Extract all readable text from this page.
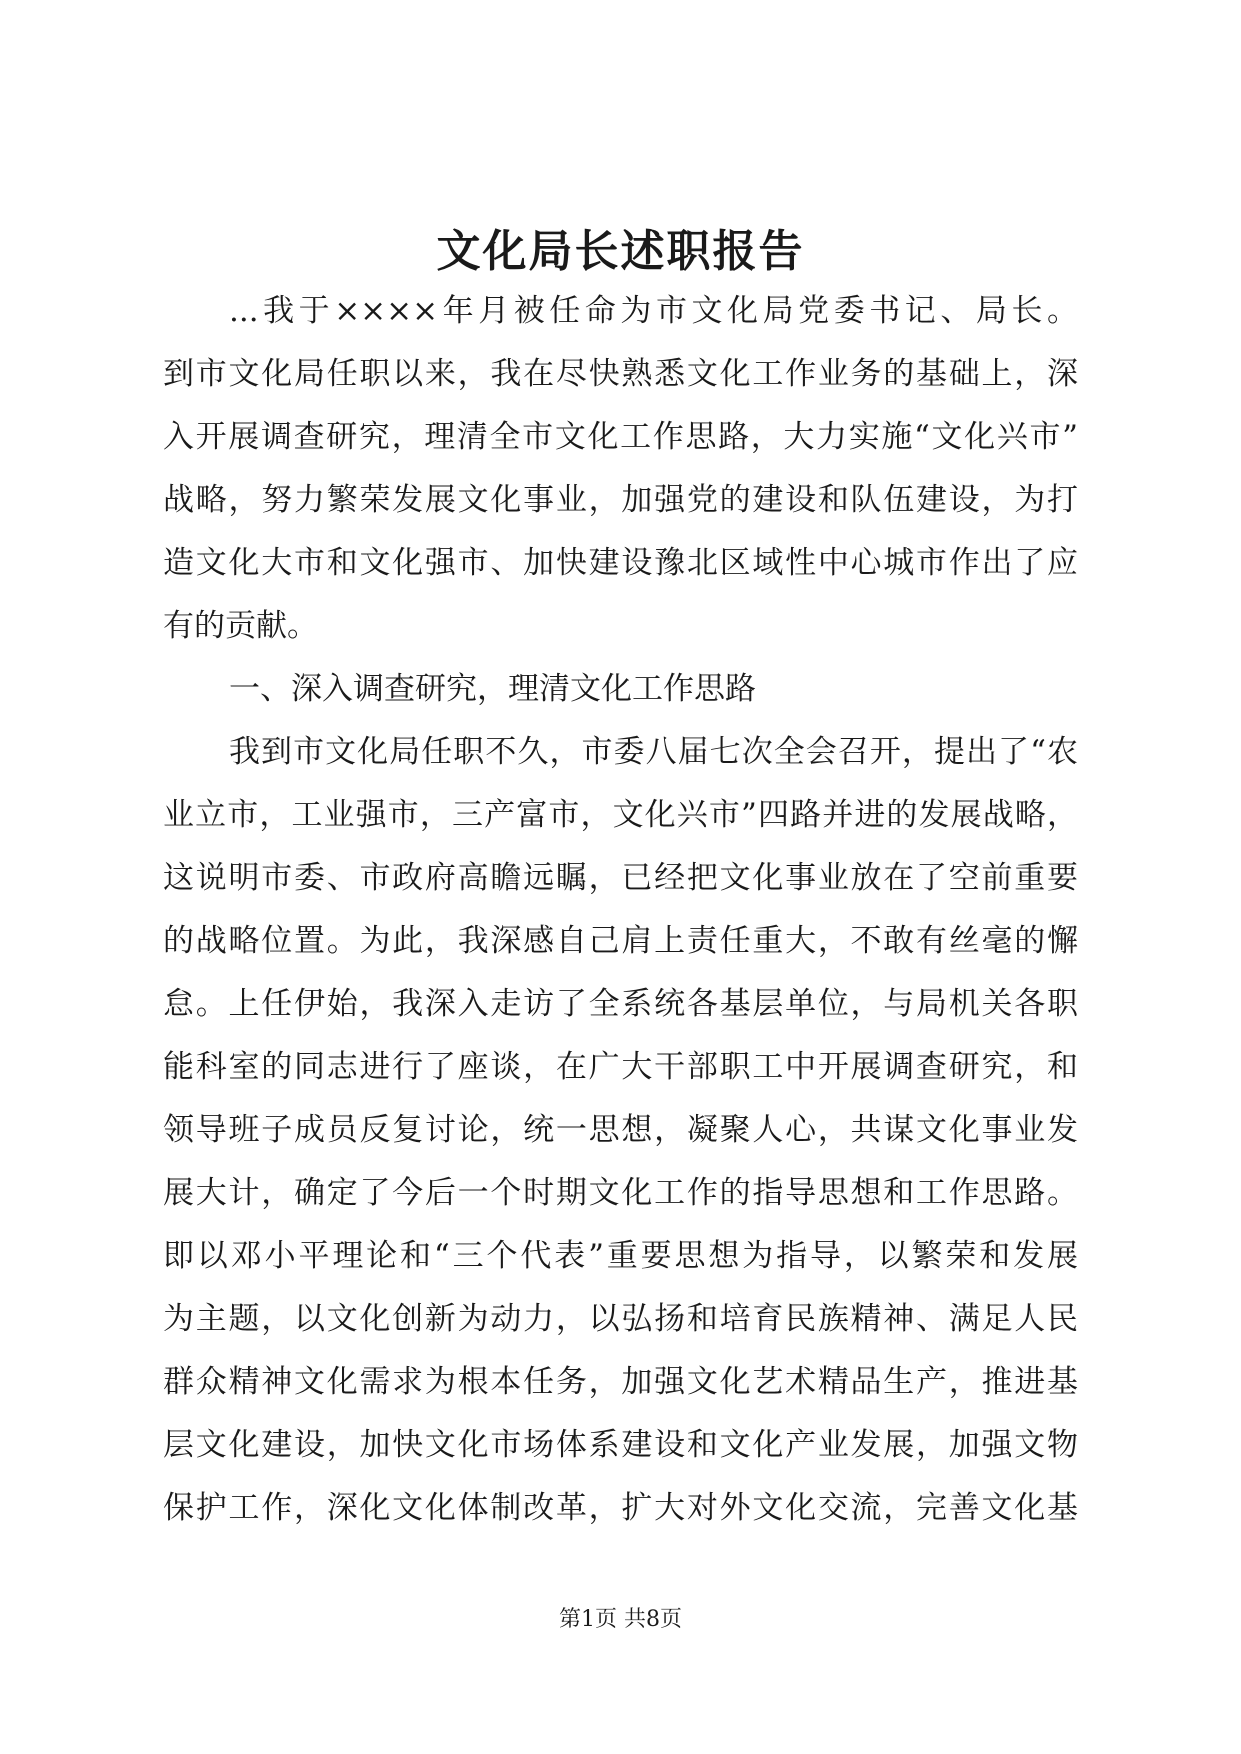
文化局长述职报告
...我于××××年月被任命为市文化局党委书记、局长。
到市文化局任职以来，我在尽快熟悉文化工作业务的基础上，深
入开展调查研究，理清全市文化工作思路，大力实施“文化兴市”
战略，努力繁荣发展文化事业，加强党的建设和队伍建设，为打
造文化大市和文化强市、加快建设豫北区域性中心城市作出了应
有的贡献。
一、深入调查研究，理清文化工作思路
我到市文化局任职不久，市委八届七次全会召开，提出了“农
业立市，工业强市，三产富市，文化兴市”四路并进的发展战略，
这说明市委、市政府高瞻远瞩，已经把文化事业放在了空前重要
的战略位置。为此，我深感自己肩上责任重大，不敢有丝毫的懈
怠。上任伊始，我深入走访了全系统各基层单位，与局机关各职
能科室的同志进行了座谈，在广大干部职工中开展调查研究，和
领导班子成员反复讨论，统一思想，凝聚人心，共谋文化事业发
展大计，确定了今后一个时期文化工作的指导思想和工作思路。
即以邓小平理论和“三个代表”重要思想为指导，以繁荣和发展
为主题，以文化创新为动力，以弘扬和培育民族精神、满足人民
群众精神文化需求为根本任务，加强文化艺术精品生产，推进基
层文化建设，加快文化市场体系建设和文化产业发展，加强文物
保护工作，深化文化体制改革，扩大对外文化交流，完善文化基
第1页 共8页
